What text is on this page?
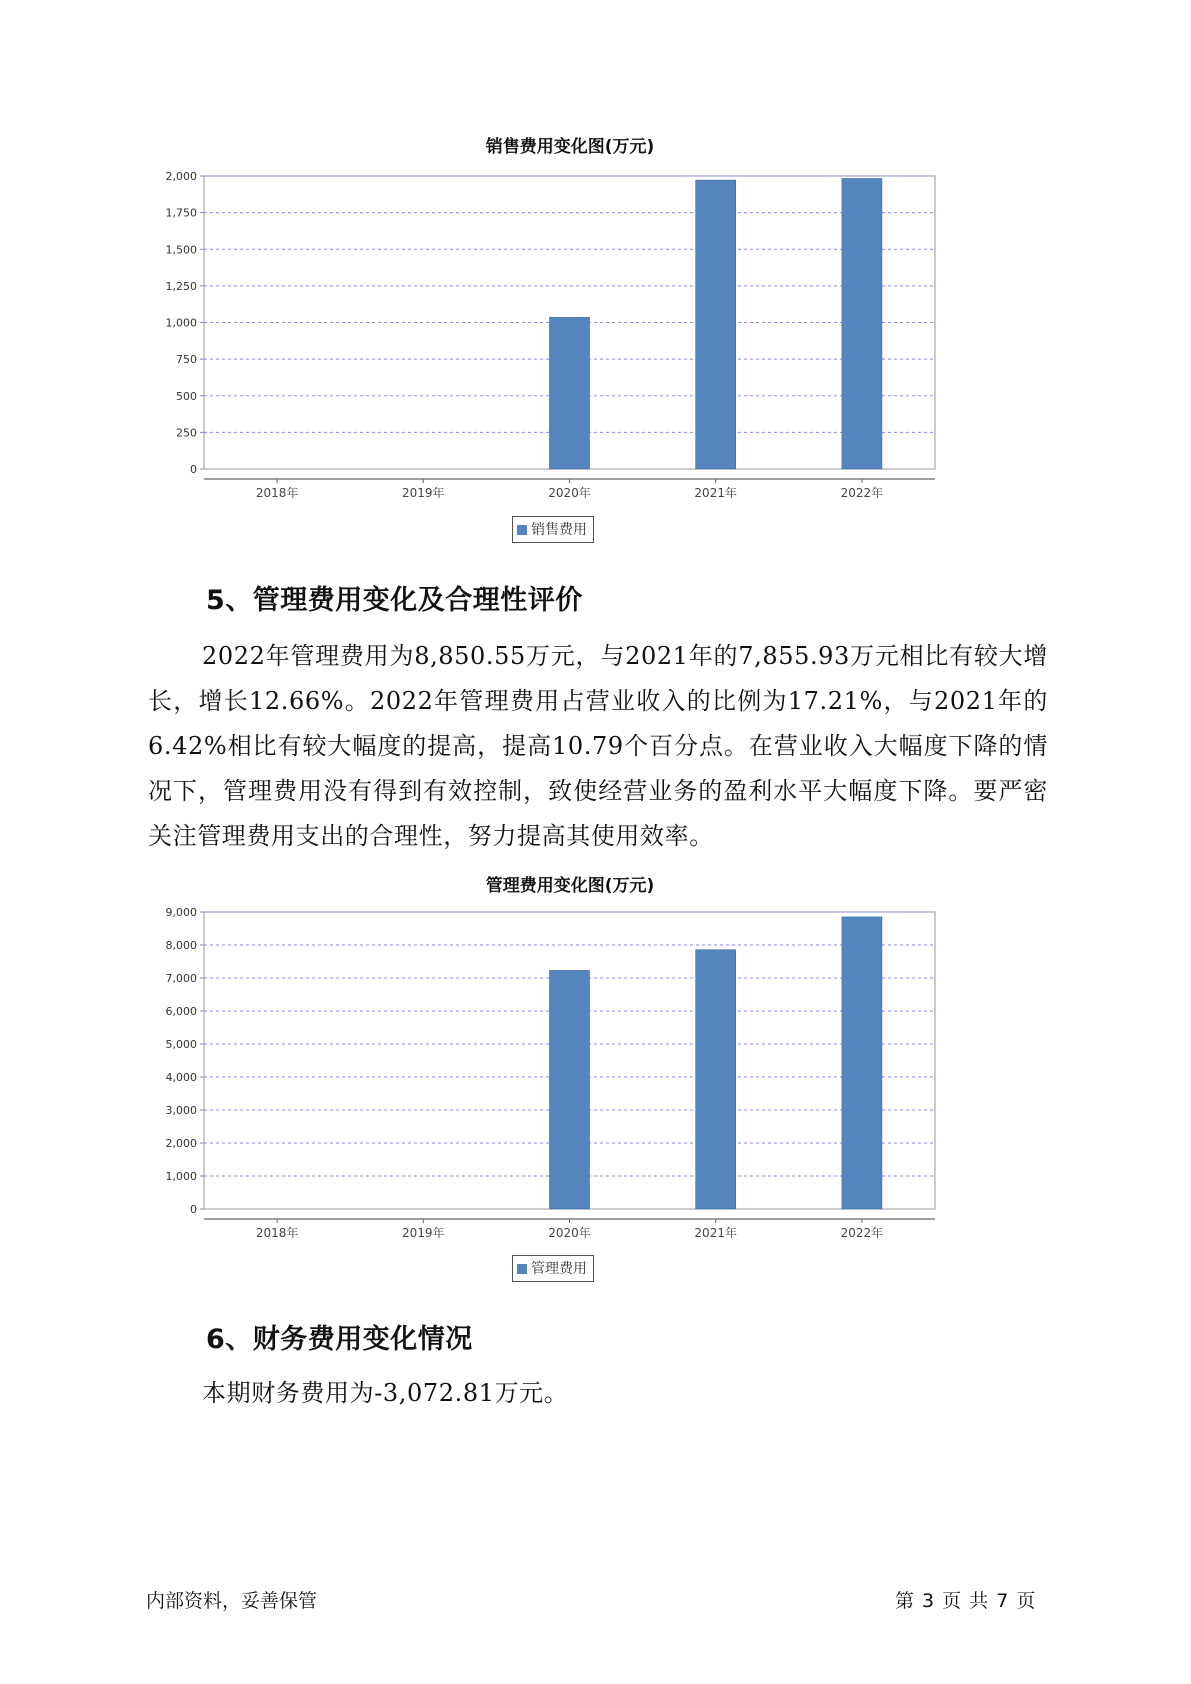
销售费用变化图(万元)
0
250
500
750
1,000
1,250
1,500
1,750
2,000
2018年	2019年	2020年	2021年	2022年
销售费用
5、管理费用变化及合理性评价

2022年管理费用为8,850.55万元，与2021年的7,855.93万元相比有较大增长，增长12.66%。2022年管理费用占营业收入的比例为17.21%，与2021年的6.42%相比有较大幅度的提高，提高10.79个百分点。在营业收入大幅度下降的情况下，管理费用没有得到有效控制，致使经营业务的盈利水平大幅度下降。要严密关注管理费用支出的合理性，努力提高其使用效率。

管理费用变化图(万元)
0
1,000
2,000
3,000
4,000
5,000
6,000
7,000
8,000
9,000
2018年	2019年	2020年	2021年	2022年
管理费用
6、财务费用变化情况

本期财务费用为-3,072.81万元。

内部资料，妥善保管	第 3 页 共 7 页
